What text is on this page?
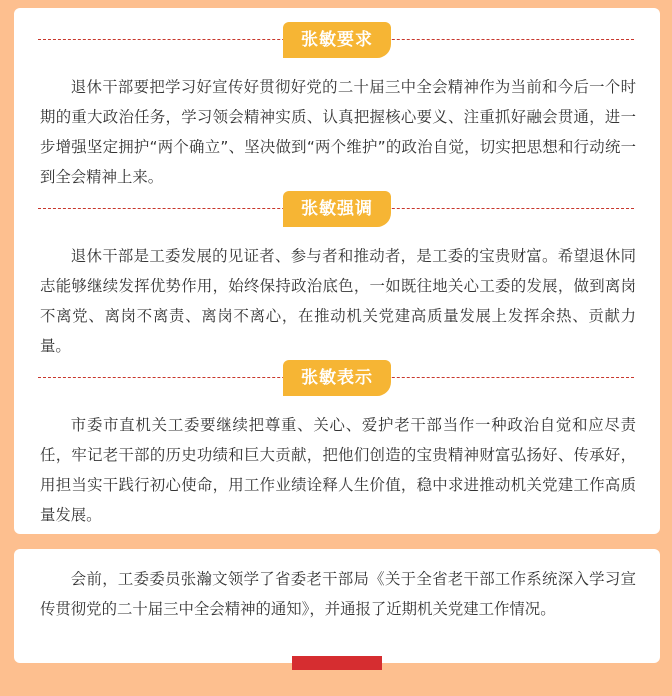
张敏要求

退休干部要把学习好宣传好贯彻好党的二十届三中全会精神作为当前和今后一个时期的重大政治任务，学习领会精神实质、认真把握核心要义、注重抓好融会贯通，进一步增强坚定拥护“两个确立”、坚决做到“两个维护”的政治自觉，切实把思想和行动统一到全会精神上来。

张敏强调

退休干部是工委发展的见证者、参与者和推动者，是工委的宝贵财富。希望退休同志能够继续发挥优势作用，始终保持政治底色，一如既往地关心工委的发展，做到离岗不离党、离岗不离责、离岗不离心，在推动机关党建高质量发展上发挥余热、贡献力量。

张敏表示

市委市直机关工委要继续把尊重、关心、爱护老干部当作一种政治自觉和应尽责任，牢记老干部的历史功绩和巨大贡献，把他们创造的宝贵精神财富弘扬好、传承好，用担当实干践行初心使命，用工作业绩诠释人生价值，稳中求进推动机关党建工作高质量发展。

会前，工委委员张瀚文领学了省委老干部局《关于全省老干部工作系统深入学习宣传贯彻党的二十届三中全会精神的通知》，并通报了近期机关党建工作情况。
